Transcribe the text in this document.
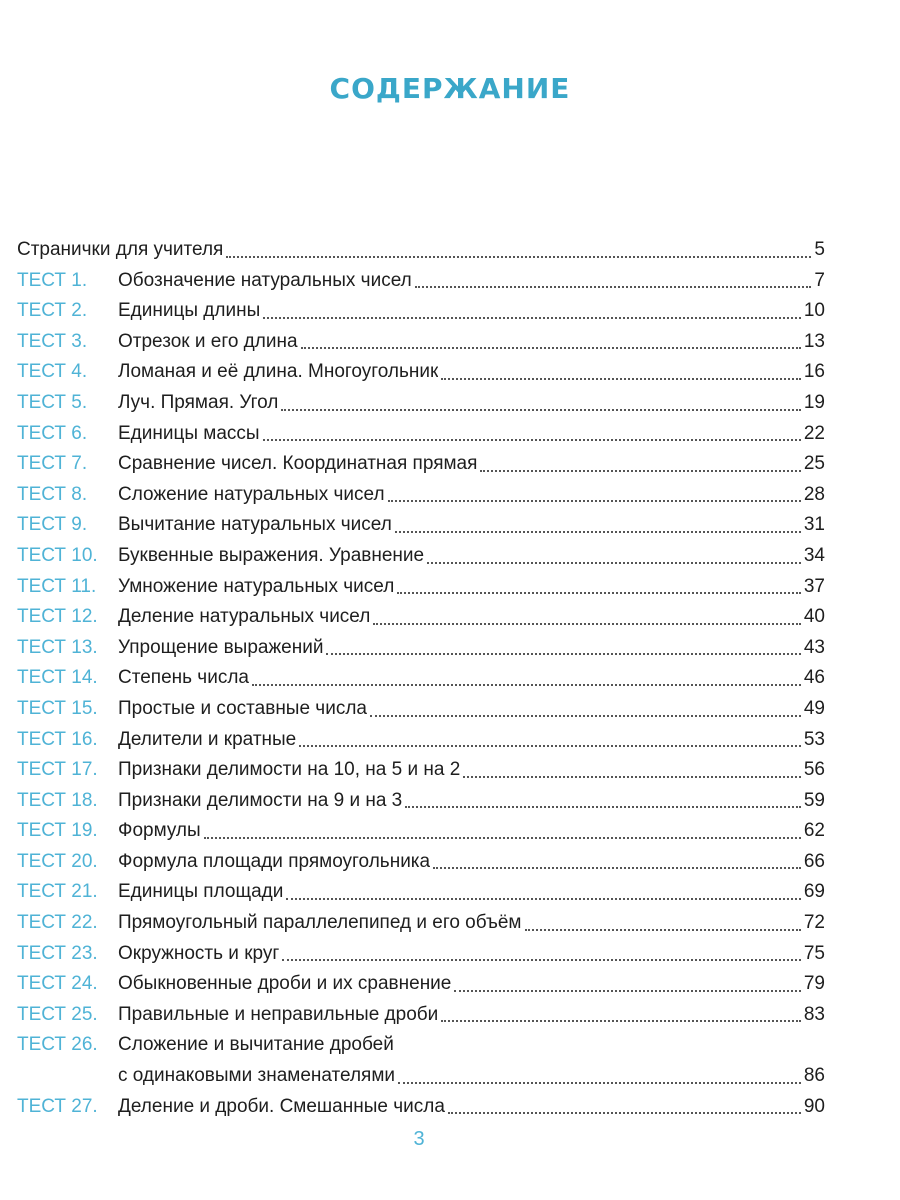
СОДЕРЖАНИЕ
Странички для учителя	5
ТЕСТ 1.	Обозначение натуральных чисел	7
ТЕСТ 2.	Единицы длины	10
ТЕСТ 3.	Отрезок и его длина	13
ТЕСТ 4.	Ломаная и её длина. Многоугольник	16
ТЕСТ 5.	Луч. Прямая. Угол	19
ТЕСТ 6.	Единицы массы	22
ТЕСТ 7.	Сравнение чисел. Координатная прямая	25
ТЕСТ 8.	Сложение натуральных чисел	28
ТЕСТ 9.	Вычитание натуральных чисел	31
ТЕСТ 10.	Буквенные выражения. Уравнение	34
ТЕСТ 11.	Умножение натуральных чисел	37
ТЕСТ 12.	Деление натуральных чисел	40
ТЕСТ 13.	Упрощение выражений	43
ТЕСТ 14.	Степень числа	46
ТЕСТ 15.	Простые и составные числа	49
ТЕСТ 16.	Делители и кратные	53
ТЕСТ 17.	Признаки делимости на 10, на 5 и на 2	56
ТЕСТ 18.	Признаки делимости на 9 и на 3	59
ТЕСТ 19.	Формулы	62
ТЕСТ 20.	Формула площади прямоугольника	66
ТЕСТ 21.	Единицы площади	69
ТЕСТ 22.	Прямоугольный параллелепипед и его объём	72
ТЕСТ 23.	Окружность и круг	75
ТЕСТ 24.	Обыкновенные дроби и их сравнение	79
ТЕСТ 25.	Правильные и неправильные дроби	83
ТЕСТ 26.	Сложение и вычитание дробей
с одинаковыми знаменателями	86
ТЕСТ 27.	Деление и дроби. Смешанные числа	90
3
